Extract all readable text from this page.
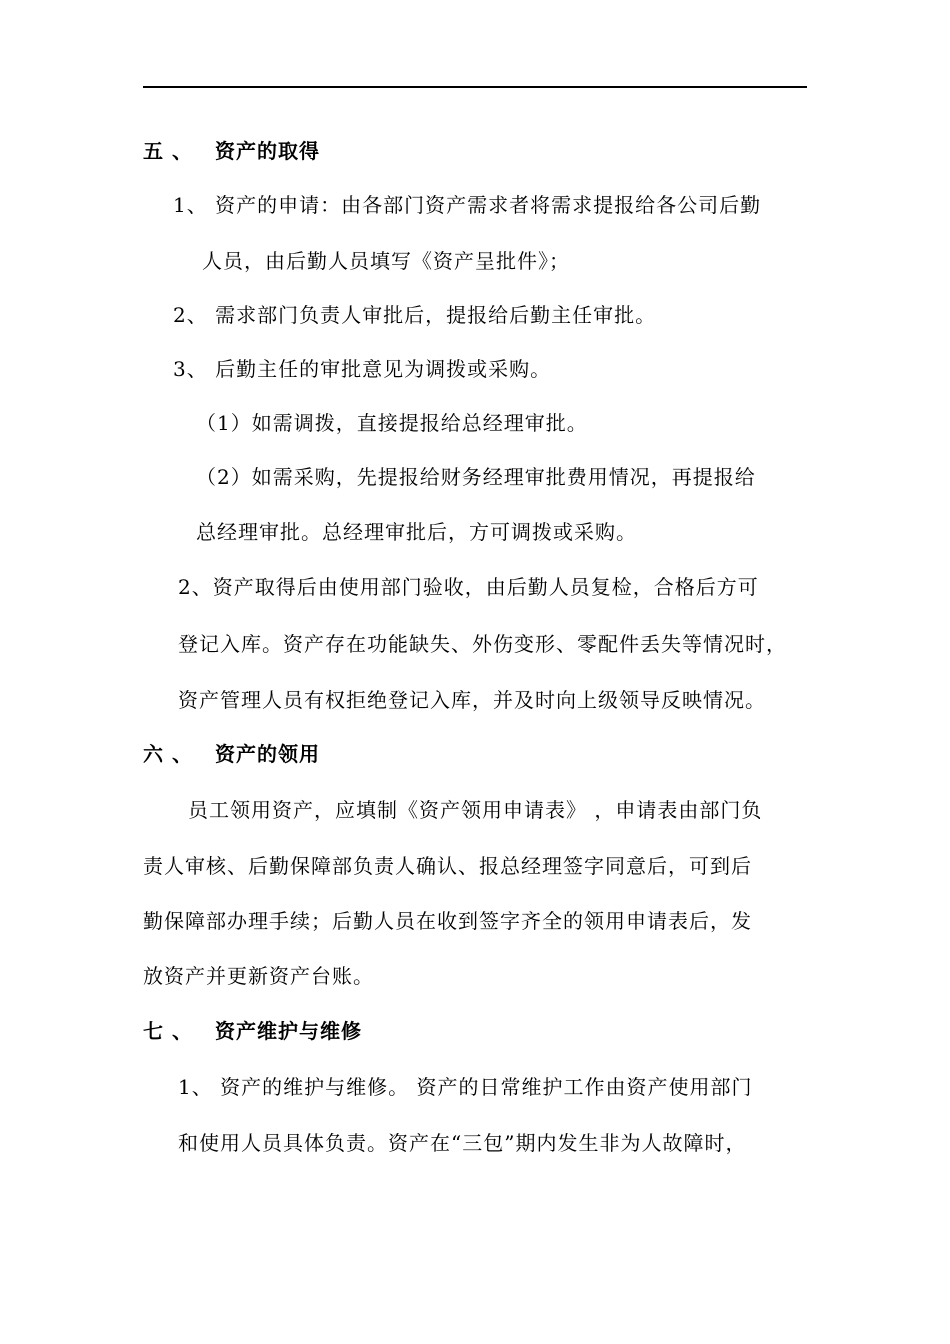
五 、 资产的取得
1、 资产的申请：由各部门资产需求者将需求提报给各公司后勤
人员，由后勤人员填写《资产呈批件》；
2、 需求部门负责人审批后，提报给后勤主任审批。
3、 后勤主任的审批意见为调拨或采购。
（1）如需调拨，直接提报给总经理审批。
（2）如需采购，先提报给财务经理审批费用情况，再提报给
总经理审批。总经理审批后，方可调拨或采购。
2、资产取得后由使用部门验收，由后勤人员复检，合格后方可
登记入库。资产存在功能缺失、外伤变形、零配件丢失等情况时，
资产管理人员有权拒绝登记入库，并及时向上级领导反映情况。
六 、 资产的领用
员工领用资产，应填制《资产领用申请表》 ，申请表由部门负
责人审核、后勤保障部负责人确认、报总经理签字同意后，可到后
勤保障部办理手续；后勤人员在收到签字齐全的领用申请表后，发
放资产并更新资产台账。
七 、 资产维护与维修
1、 资产的维护与维修。 资产的日常维护工作由资产使用部门
和使用人员具体负责。资产在“三包”期内发生非为人故障时，
